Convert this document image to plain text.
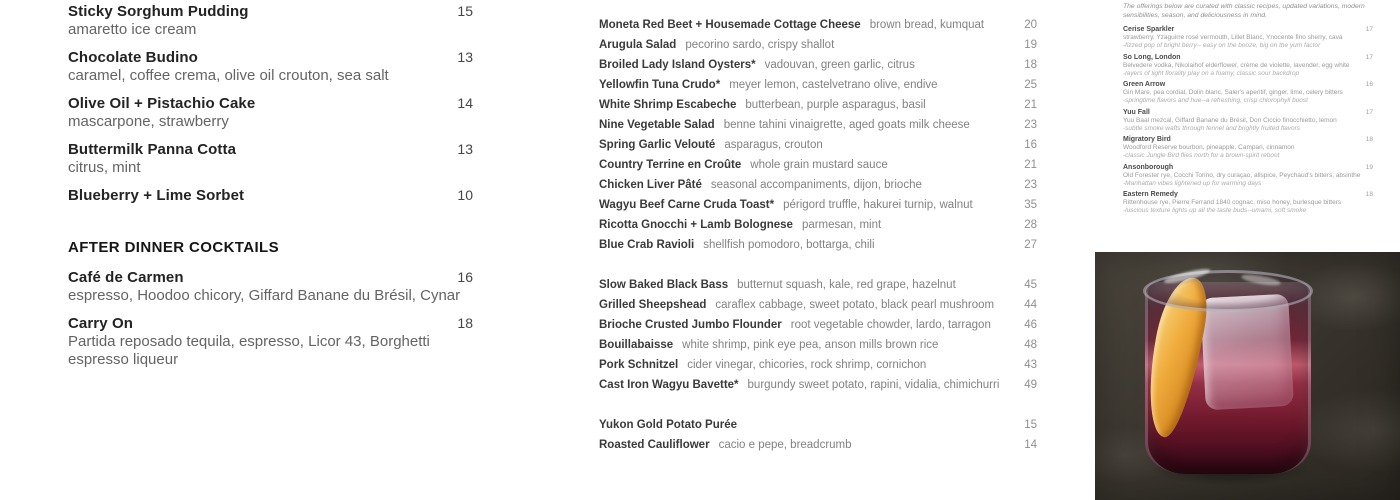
Sticky Sorghum Pudding	15
amaretto ice cream
Chocolate Budino	13
caramel, coffee crema, olive oil crouton, sea salt
Olive Oil + Pistachio Cake	14
mascarpone, strawberry
Buttermilk Panna Cotta	13
citrus, mint
Blueberry + Lime Sorbet	10
AFTER DINNER COCKTAILS
Café de Carmen	16
espresso, Hoodoo chicory, Giffard Banane du Brésil, Cynar
Carry On	18
Partida reposado tequila, espresso, Licor 43, Borghetti espresso liqueur
Moneta Red Beet + Housemade Cottage Cheese brown bread, kumquat	20
Arugula Salad pecorino sardo, crispy shallot	19
Broiled Lady Island Oysters* vadouvan, green garlic, citrus	18
Yellowfin Tuna Crudo* meyer lemon, castelvetrano olive, endive	25
White Shrimp Escabeche butterbean, purple asparagus, basil	21
Nine Vegetable Salad benne tahini vinaigrette, aged goats milk cheese	23
Spring Garlic Velouté asparagus, crouton	16
Country Terrine en Croûte whole grain mustard sauce	21
Chicken Liver Pâté seasonal accompaniments, dijon, brioche	23
Wagyu Beef Carne Cruda Toast* périgord truffle, hakurei turnip, walnut	35
Ricotta Gnocchi + Lamb Bolognese parmesan, mint	28
Blue Crab Ravioli shellfish pomodoro, bottarga, chili	27
Slow Baked Black Bass butternut squash, kale, red grape, hazelnut	45
Grilled Sheepshead caraflex cabbage, sweet potato, black pearl mushroom	44
Brioche Crusted Jumbo Flounder root vegetable chowder, lardo, tarragon	46
Bouillabaisse white shrimp, pink eye pea, anson mills brown rice	48
Pork Schnitzel cider vinegar, chicories, rock shrimp, cornichon	43
Cast Iron Wagyu Bavette* burgundy sweet potato, rapini, vidalia, chimichurri	49
Yukon Gold Potato Purée	15
Roasted Cauliflower cacio e pepe, breadcrumb	14

The offerings below are curated with classic recipes, updated variations, modern sensibilities, season, and deliciousness in mind.

Cerise Sparkler	17
strawberry, Yzaguirre rosé vermouth, Lillet Blanc, Ynocente fino sherry, cava
-fizzed pop of bright berry-- easy on the booze, big on the yum factor
So Long, London	17
Belvedere vodka, Nikolaihof elderflower, crème de violette, lavender, egg white
-layers of light florality play on a foamy, classic sour backdrop
Green Arrow	16
Gin Mare, pea cordial, Dolin blanc, Saler's aperitif, ginger, lime, celery bitters
-springtime flavors and hue--a refreshing, crisp chlorophyll boost
Yuu Fall	17
Yuu Baal mezcal, Giffard Banane du Brésil, Don Ciccio finocchietto, lemon
-subtle smoke wafts through fennel and brightly fruited flavors
Migratory Bird	18
Woodford Reserve bourbon, pineapple, Campari, cinnamon
-classic Jungle Bird flies north for a brown-spirit reboot
Ansonborough	19
Old Forester rye, Cocchi Torino, dry curaçao, allspice, Peychaud's bitters, absinthe
-Manhattan vibes lightened up for warming days
Eastern Remedy	18
Rittenhouse rye, Pierre Ferrand 1840 cognac, miso honey, burlesque bitters
-luscious texture lights up all the taste buds--umami, soft smoke
